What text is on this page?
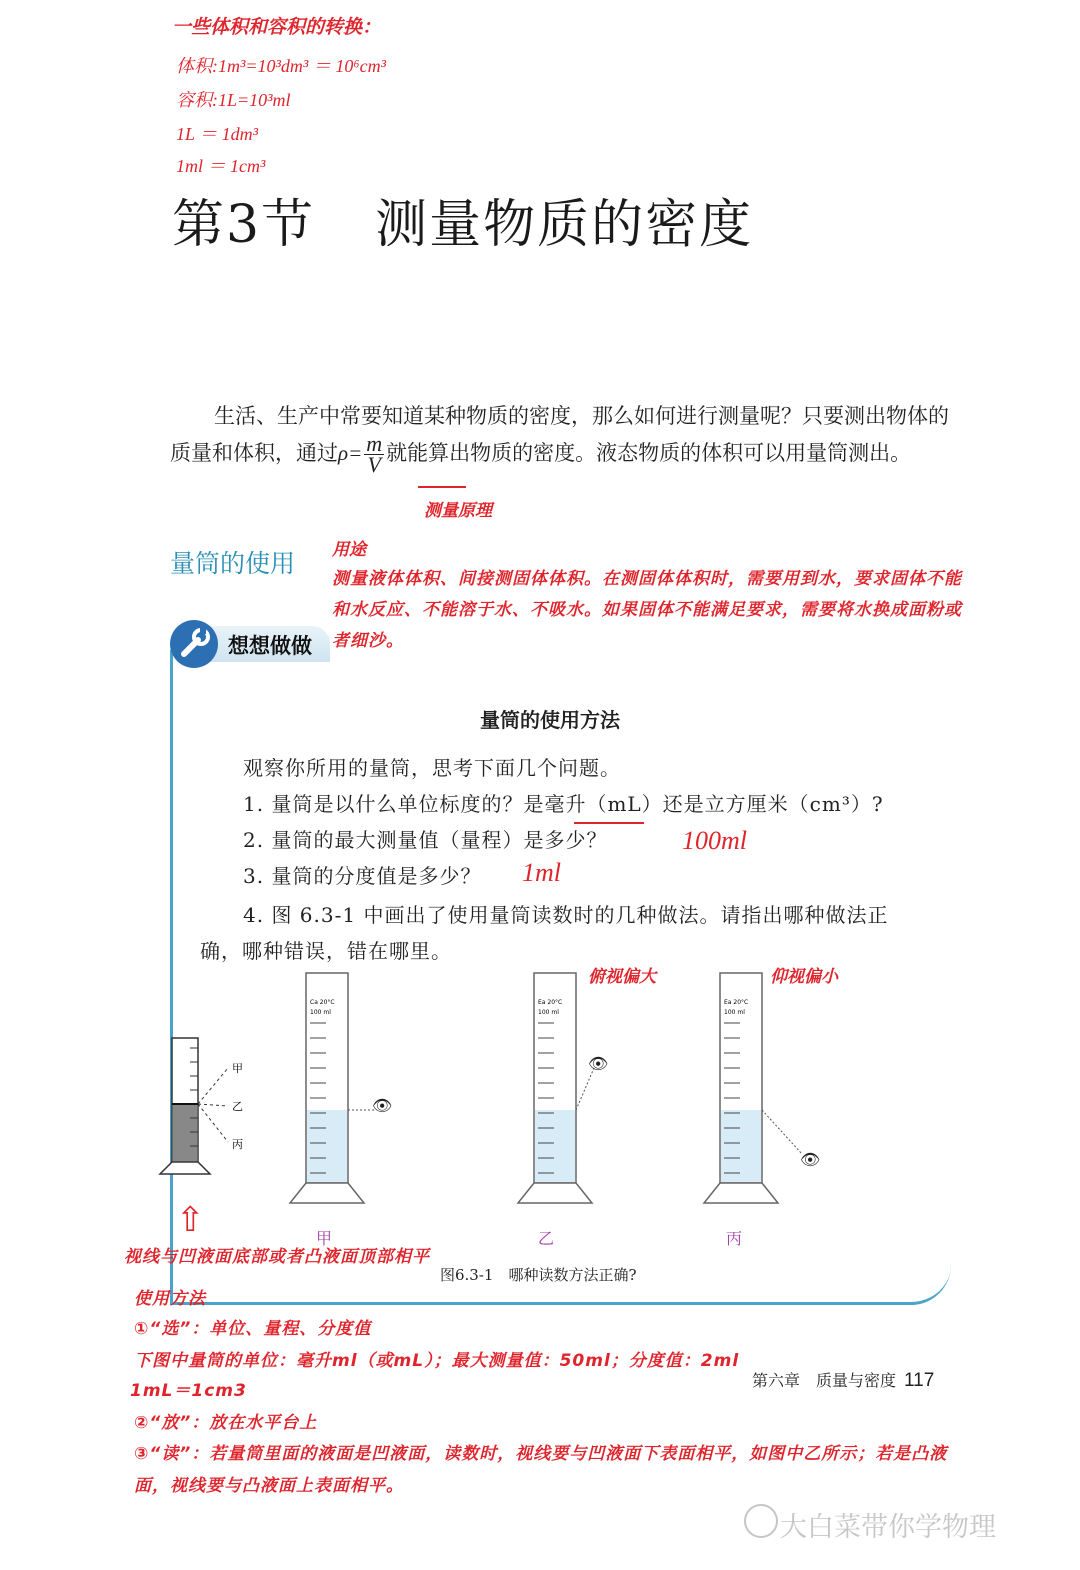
一些体积和容积的转换：
体积:1m³=10³dm³ ＝ 10⁶cm³
容积:1L=10³ml
1L ＝ 1dm³
1ml ＝ 1cm³
第3节 测量物质的密度
生活、生产中常要知道某种物质的密度，那么如何进行测量呢？只要测出物体的质量和体积，通过$\rho= \frac{m}{V}$ 就能算出物质的密度。液态物质的体积可以用量筒测出。
测量原理
量筒的使用 用途
测量液体体积、间接测固体体积。在测固体体积时，需要用到水，要求固体不能和水反应、不能溶于水、不吸水。如果固体不能满足要求，需要将水换成面粉或者细沙。
想想做做
量筒的使用方法
观察你所用的量筒，思考下面几个问题。
1. 量筒是以什么单位标度的？是毫升（mL）还是立方厘米（cm³）?
2. 量筒的最大测量值（量程）是多少？	100ml
3. 量筒的分度值是多少？ 1ml
4. 图 6.3-1 中画出了使用量筒读数时的几种做法。请指出哪种做法正确，哪种错误，错在哪里。
俯视偏大	仰视偏小
甲
乙
丙
⇧
Ca 20°C
100 ml
👁
甲
Ea 20°C
100 ml
👁
乙
Ea 20°C
100 ml
👁
丙
视线与凹液面底部或者凸液面顶部相平
图6.3-1　哪种读数方法正确?
使用方法
①“选”：单位、量程、分度值
下图中量筒的单位：毫升ml（或mL）；最大测量值：50ml；分度值：2ml
1mL＝1cm3
②“放”：放在水平台上
③“读”：若量筒里面的液面是凹液面，读数时，视线要与凹液面下表面相平，如图中乙所示；若是凸液面，视线要与凸液面上表面相平。
第六章　质量与密度 117
大白菜带你学物理
